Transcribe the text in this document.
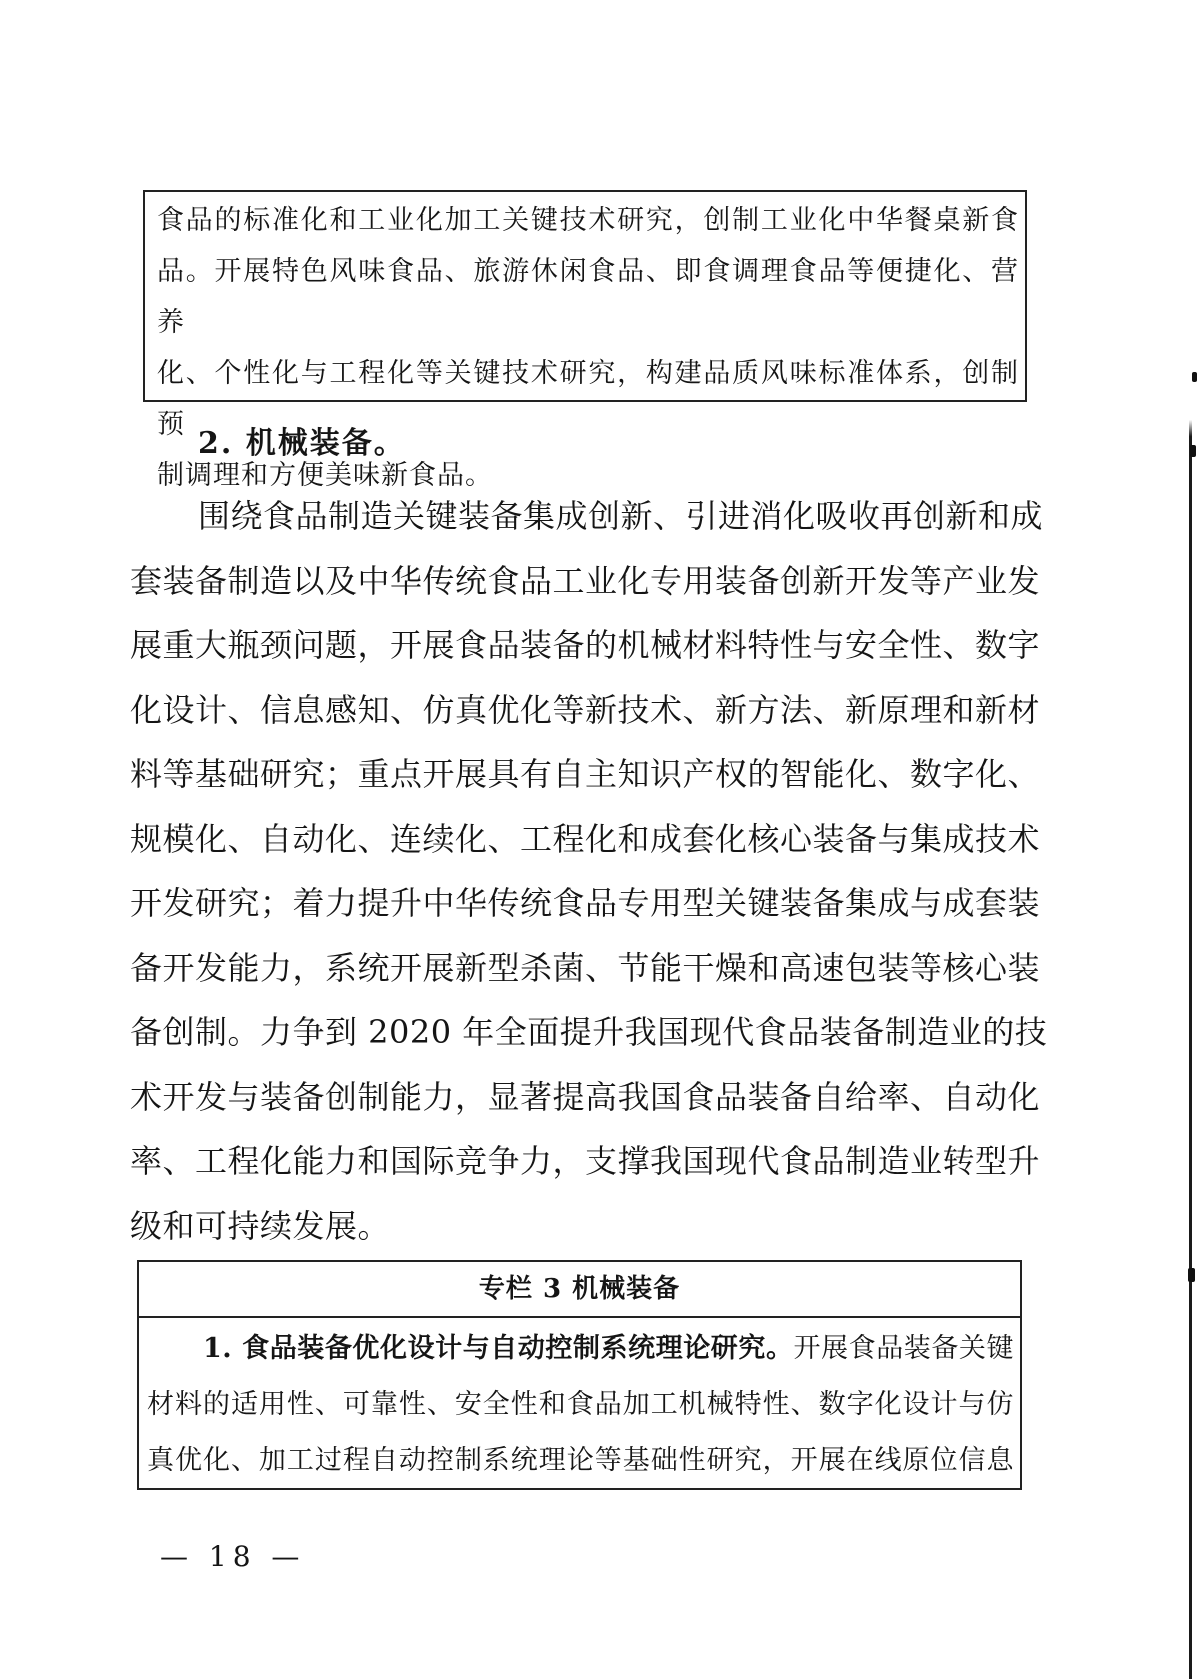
食品的标准化和工业化加工关键技术研究，创制工业化中华餐桌新食

品。开展特色风味食品、旅游休闲食品、即食调理食品等便捷化、营养

化、个性化与工程化等关键技术研究，构建品质风味标准体系，创制预

制调理和方便美味新食品。

2. 机械装备。
围绕食品制造关键装备集成创新、引进消化吸收再创新和成
套装备制造以及中华传统食品工业化专用装备创新开发等产业发
展重大瓶颈问题，开展食品装备的机械材料特性与安全性、数字
化设计、信息感知、仿真优化等新技术、新方法、新原理和新材
料等基础研究；重点开展具有自主知识产权的智能化、数字化、
规模化、自动化、连续化、工程化和成套化核心装备与集成技术
开发研究；着力提升中华传统食品专用型关键装备集成与成套装
备开发能力，系统开展新型杀菌、节能干燥和高速包装等核心装
备创制。力争到 2020 年全面提升我国现代食品装备制造业的技
术开发与装备创制能力，显著提高我国食品装备自给率、自动化
率、工程化能力和国际竞争力，支撑我国现代食品制造业转型升
级和可持续发展。
专栏 3 机械装备

1. 食品装备优化设计与自动控制系统理论研究。开展食品装备关键

材料的适用性、可靠性、安全性和食品加工机械特性、数字化设计与仿

真优化、加工过程自动控制系统理论等基础性研究，开展在线原位信息

— 18 —
